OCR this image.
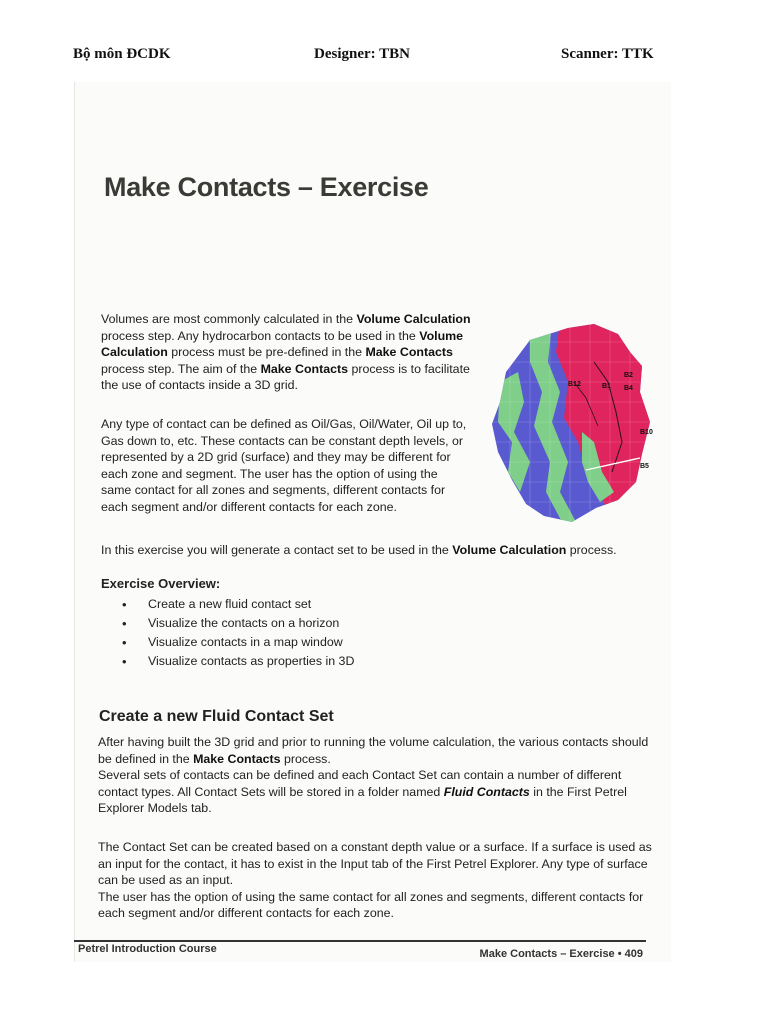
Bộ môn ĐCDK	Designer: TBN	Scanner: TTK
Make Contacts – Exercise
Volumes are most commonly calculated in the Volume Calculation process step. Any hydrocarbon contacts to be used in the Volume Calculation process must be pre-defined in the Make Contacts process step. The aim of the Make Contacts process is to facilitate the use of contacts inside a 3D grid.
Any type of contact can be defined as Oil/Gas, Oil/Water, Oil up to, Gas down to, etc. These contacts can be constant depth levels, or represented by a 2D grid (surface) and they may be different for each zone and segment. The user has the option of using the same contact for all zones and segments, different contacts for each segment and/or different contacts for each zone.
B2
B4
B1
B12
B10
B5
In this exercise you will generate a contact set to be used in the Volume Calculation process.
Exercise Overview:
• Create a new fluid contact set
• Visualize the contacts on a horizon
• Visualize contacts in a map window
• Visualize contacts as properties in 3D
Create a new Fluid Contact Set
After having built the 3D grid and prior to running the volume calculation, the various contacts should be defined in the Make Contacts process.
Several sets of contacts can be defined and each Contact Set can contain a number of different contact types. All Contact Sets will be stored in a folder named Fluid Contacts in the First Petrel Explorer Models tab.
The Contact Set can be created based on a constant depth value or a surface. If a surface is used as an input for the contact, it has to exist in the Input tab of the First Petrel Explorer. Any type of surface can be used as an input.
The user has the option of using the same contact for all zones and segments, different contacts for each segment and/or different contacts for each zone.
Petrel Introduction Course	Make Contacts – Exercise • 409
